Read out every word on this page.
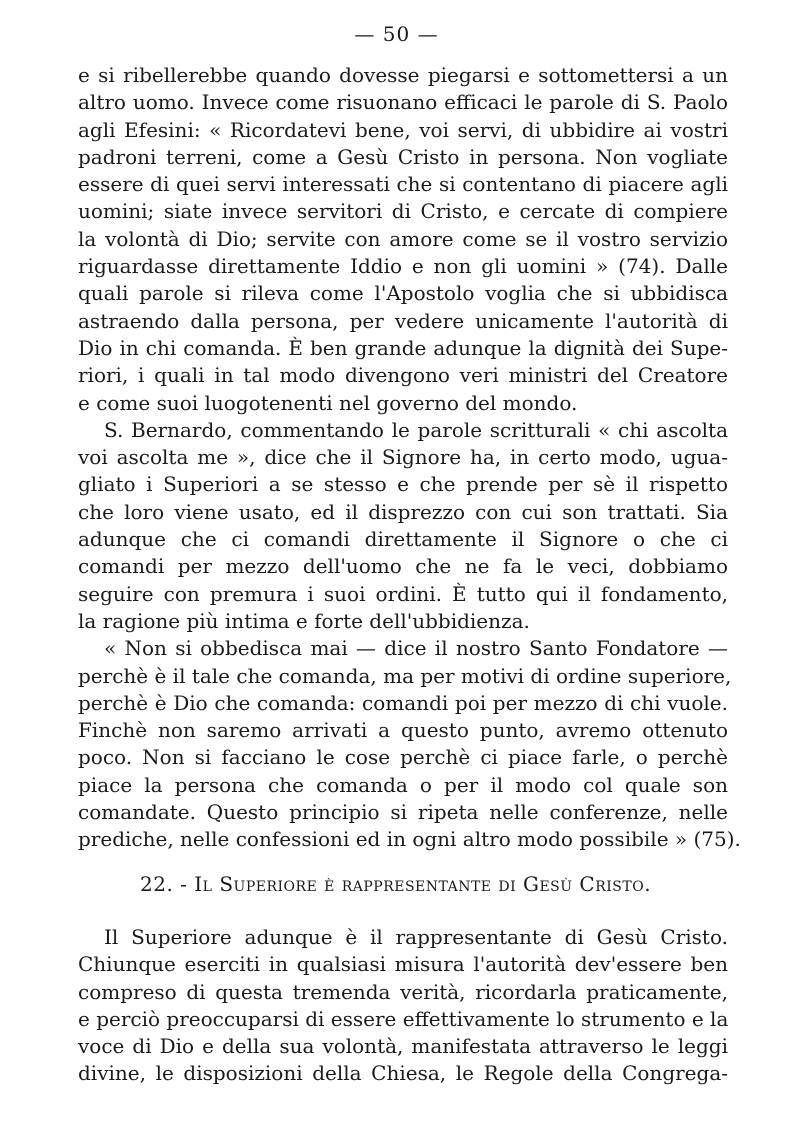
— 50 —
e si ribellerebbe quando dovesse piegarsi e sottomettersi a un
altro uomo. Invece come risuonano efficaci le parole di S. Paolo
agli Efesini: « Ricordatevi bene, voi servi, di ubbidire ai vostri
padroni terreni, come a Gesù Cristo in persona. Non vogliate
essere di quei servi interessati che si contentano di piacere agli
uomini; siate invece servitori di Cristo, e cercate di compiere
la volontà di Dio; servite con amore come se il vostro servizio
riguardasse direttamente Iddio e non gli uomini » (74). Dalle
quali parole si rileva come l'Apostolo voglia che si ubbidisca
astraendo dalla persona, per vedere unicamente l'autorità di
Dio in chi comanda. È ben grande adunque la dignità dei Supe-
riori, i quali in tal modo divengono veri ministri del Creatore
e come suoi luogotenenti nel governo del mondo.
S. Bernardo, commentando le parole scritturali « chi ascolta
voi ascolta me », dice che il Signore ha, in certo modo, ugua-
gliato i Superiori a se stesso e che prende per sè il rispetto
che loro viene usato, ed il disprezzo con cui son trattati. Sia
adunque che ci comandi direttamente il Signore o che ci
comandi per mezzo dell'uomo che ne fa le veci, dobbiamo
seguire con premura i suoi ordini. È tutto qui il fondamento,
la ragione più intima e forte dell'ubbidienza.
« Non si obbedisca mai — dice il nostro Santo Fondatore —
perchè è il tale che comanda, ma per motivi di ordine superiore,
perchè è Dio che comanda: comandi poi per mezzo di chi vuole.
Finchè non saremo arrivati a questo punto, avremo ottenuto
poco. Non si facciano le cose perchè ci piace farle, o perchè
piace la persona che comanda o per il modo col quale son
comandate. Questo principio si ripeta nelle conferenze, nelle
prediche, nelle confessioni ed in ogni altro modo possibile » (75).
22. - Il Superiore è rappresentante di Gesù Cristo.
Il Superiore adunque è il rappresentante di Gesù Cristo.
Chiunque eserciti in qualsiasi misura l'autorità dev'essere ben
compreso di questa tremenda verità, ricordarla praticamente,
e perciò preoccuparsi di essere effettivamente lo strumento e la
voce di Dio e della sua volontà, manifestata attraverso le leggi
divine, le disposizioni della Chiesa, le Regole della Congrega-
